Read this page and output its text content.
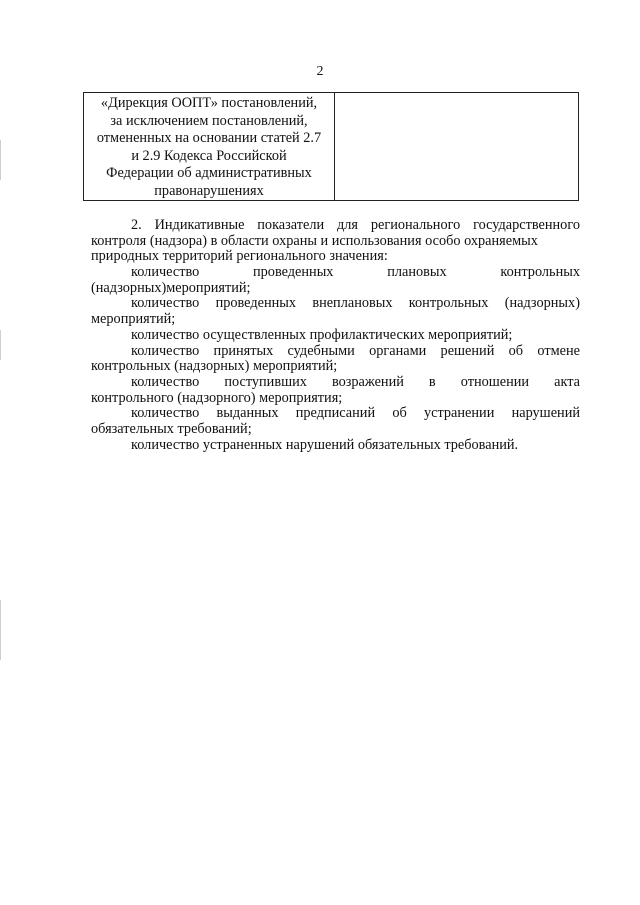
2
«Дирекция ООПТ» постановлений,
за исключением постановлений,
отмененных на основании статей 2.7
и 2.9 Кодекса Российской
Федерации об административных
правонарушениях

2. Индикативные показатели для регионального государственного
контроля (надзора) в области охраны и использования особо охраняемых
природных территорий регионального значения:
количество	проведенных	плановых	контрольных
(надзорных)мероприятий;
количество проведенных внеплановых контрольных (надзорных)
мероприятий;
количество осуществленных профилактических мероприятий;
количество принятых судебными органами решений об отмене
контрольных (надзорных) мероприятий;
количество поступивших возражений в отношении акта
контрольного (надзорного) мероприятия;
количество выданных предписаний об устранении нарушений
обязательных требований;
количество устраненных нарушений обязательных требований.
